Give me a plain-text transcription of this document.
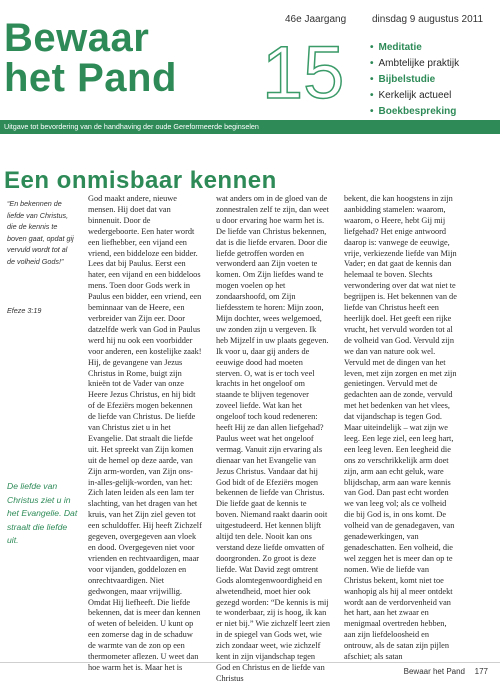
Bewaar
het Pand 15
46e Jaargang	dinsdag 9 augustus 2011
• Meditatie
• Ambtelijke praktijk
• Bijbelstudie
• Kerkelijk actueel
• Boekbespreking
Uitgave tot bevordering van de handhaving der oude Gereformeerde beginselen
Een onmisbaar kennen
“En bekennen de liefde van Christus, die de kennis te boven gaat, opdat gij vervuld wordt tot al de volheid Gods!”
Efeze 3:19
De liefde van Christus ziet u in het Evangelie. Dat straalt die liefde uit.

God maakt andere, nieuwe mensen. Hij doet dat van binnenuit. Door de wedergeboorte. Een hater wordt een liefhebber, een vijand een vriend, een biddeloze een bidder. Lees dat bij Paulus. Eerst een hater, een vijand en een biddeloos mens. Toen door Gods werk in Paulus een bidder, een vriend, een beminnaar van de Heere, een verbreider van Zijn eer. Door datzelfde werk van God in Paulus werd hij nu ook een voorbidder voor anderen, een kostelijke zaak! Hij, de gevangene van Jezus Christus in Rome, buigt zijn knieën tot de Vader van onze Heere Jezus Christus, en hij bidt of de Efeziërs mogen bekennen de liefde van Christus. De liefde van Christus ziet u in het Evangelie. Dat straalt die liefde uit. Het spreekt van Zijn komen uit de hemel op deze aarde, van Zijn arm-worden, van Zijn ons-in-alles-gelijk-worden, van het: Zich laten leiden als een lam ter slachting, van het dragen van het kruis, van het Zijn ziel geven tot een schuldoffer. Hij heeft Zichzelf gegeven, overgegeven aan vloek en dood. Overgegeven niet voor vrienden en rechtvaardigen, maar voor vijanden, goddelozen en onrechtvaardigen. Niet gedwongen, maar vrijwillig. Omdat Hij liefheeft. Die liefde bekennen, dat is meer dan kennen of weten of beleiden. U kunt op een zomerse dag in de schaduw de warmte van de zon op een thermometer aflezen. U weet dan hoe warm het is. Maar het is

wat anders om in de gloed van de zonnestralen zelf te zijn, dan weet u door ervaring hoe warm het is. De liefde van Christus bekennen, dat is die liefde ervaren. Door die liefde getroffen worden en verwonderd aan Zijn voeten te komen. Om Zijn liefdes wand te mogen voelen op het zondaarshoofd, om Zijn liefdesstem te horen: Mijn zoon, Mijn dochter, wees welgemoed, uw zonden zijn u vergeven. Ik heb Mijzelf in uw plaats gegeven. Ik voor u, daar gij anders de eeuwige dood had moeten sterven. O, wat is er toch veel krachts in het ongeloof om staande te blijven tegenover zoveel liefde. Wat kan het ongeloof toch koud redeneren: heeft Hij ze dan allen liefgehad? Paulus weet wat het ongeloof vermag. Vanuit zijn ervaring als dienaar van het Evangelie van Jezus Christus. Vandaar dat hij God bidt of de Efeziërs mogen bekennen de liefde van Christus. Die liefde gaat de kennis te boven. Niemand raakt daarin ooit uitgestudeerd. Het kennen blijft altijd ten dele. Nooit kan ons verstand deze liefde omvatten of doorgronden. Zo groot is deze liefde. Wat David zegt omtrent Gods alomtegenwoordigheid en alwetendheid, moet hier ook gezegd worden: “De kennis is mij te wonderbaar, zij is hoog, ik kan er niet bij.” Wie zichzelf leert zien in de spiegel van Gods wet, wie zich zondaar weet, wie zichzelf kent in zijn vijandschap tegen God en Christus en de liefde van Christus

bekent, die kan hoogstens in zijn aanbidding stamelen: waarom, waarom, o Heere, hebt Gij mij liefgehad? Het enige antwoord daarop is: vanwege de eeuwige, vrije, verkiezende liefde van Mijn Vader; en dat gaat de kennis dan helemaal te boven. Slechts verwondering over dat wat niet te begrijpen is. Het bekennen van de liefde van Christus heeft een heerlijk doel. Het geeft een rijke vrucht, het vervuld worden tot al de volheid van God. Vervuld zijn we dan van nature ook wel. Vervuld met de dingen van het leven, met zijn zorgen en met zijn genietingen. Vervuld met de gedachten aan de zonde, vervuld met het bedenken van het vlees, dat vijandschap is tegen God. Maar uiteindelijk – wat zijn we leeg. Een lege ziel, een leeg hart, een leeg leven. Een leegheid die ons zo verschrikkelijk arm doet zijn, arm aan echt geluk, ware blijdschap, arm aan ware kennis van God. Dan past echt worden we van leeg vol; als ce volheid die bij God is, in ons komt. De volheid van de genadegaven, van genadewerkingen, van genadeschatten. Een volheid, die wel zeggen het is meer dan op te nomen. Wie de liefde van Christus bekent, komt niet toe wanhopig als hij al meer ontdekt wordt aan de verdorvenheid van het hart, aan het zwaar en menigmaal overtreden hebben, aan zijn liefdeloosheid en ontrouw, als de satan zijn pijlen afschiet; als satan

Bewaar het Pand 177
